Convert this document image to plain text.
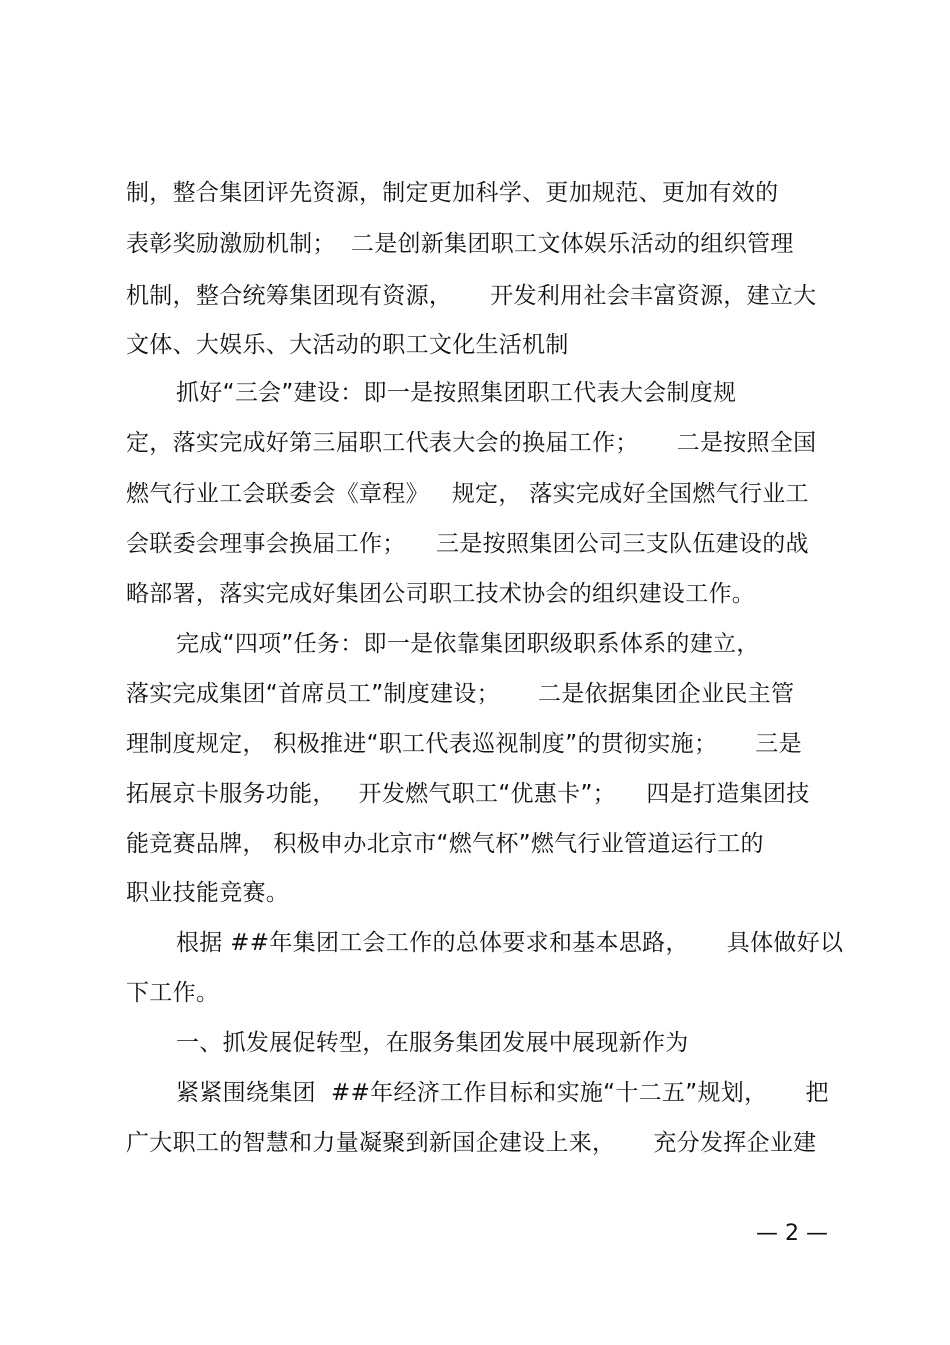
制，整合集团评先资源，制定更加科学、更加规范、更加有效的
表彰奖励激励机制；  二是创新集团职工文体娱乐活动的组织管理
机制，整合统筹集团现有资源，     开发利用社会丰富资源，建立大
文体、大娱乐、大活动的职工文化生活机制
抓好“三会”建设：即一是按照集团职工代表大会制度规
定，落实完成好第三届职工代表大会的换届工作；     二是按照全国
燃气行业工会联委会《章程》   规定， 落实完成好全国燃气行业工
会联委会理事会换届工作；    三是按照集团公司三支队伍建设的战
略部署，落实完成好集团公司职工技术协会的组织建设工作。
完成“四项”任务：即一是依靠集团职级职系体系的建立，
落实完成集团“首席员工”制度建设；     二是依据集团企业民主管
理制度规定， 积极推进“职工代表巡视制度”的贯彻实施；     三是
拓展京卡服务功能，   开发燃气职工“优惠卡”；    四是打造集团技
能竞赛品牌， 积极申办北京市“燃气杯”燃气行业管道运行工的
职业技能竞赛。
根据 ##年集团工会工作的总体要求和基本思路，     具体做好以
下工作。
一、抓发展促转型，在服务集团发展中展现新作为
紧紧围绕集团  ##年经济工作目标和实施“十二五”规划，     把
广大职工的智慧和力量凝聚到新国企建设上来，     充分发挥企业建
— 2 —
